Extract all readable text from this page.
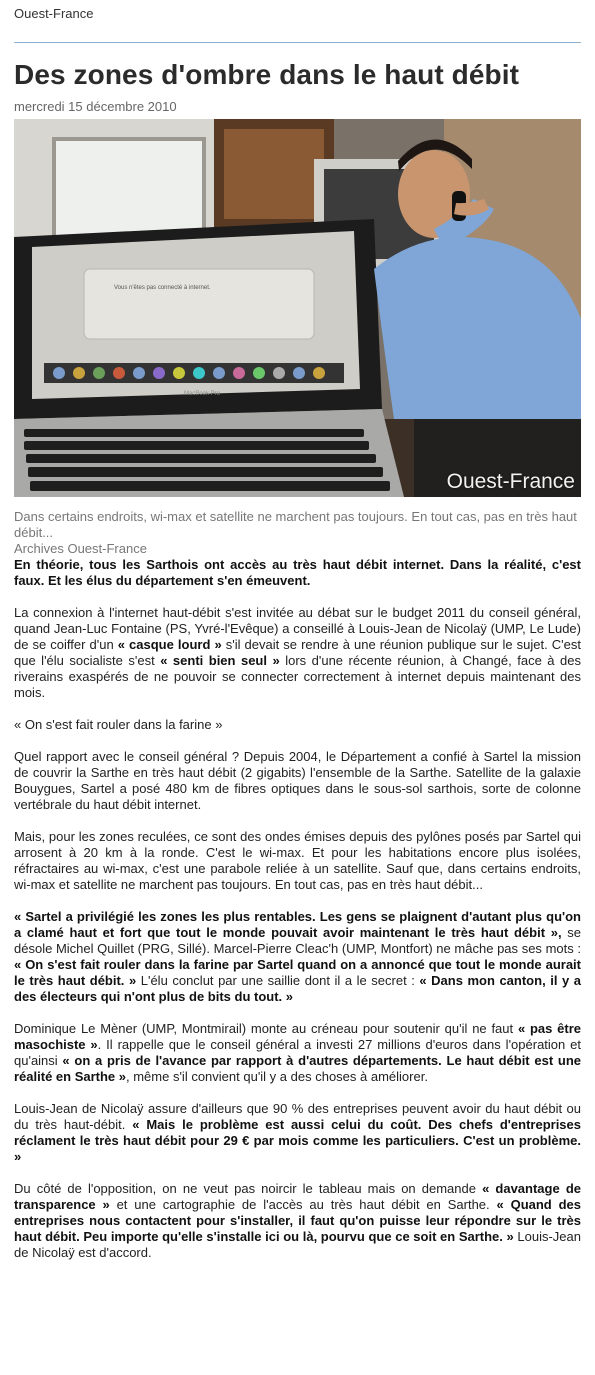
Ouest-France
Des zones d'ombre dans le haut débit
mercredi 15 décembre 2010
MacBook Pro
Vous n'êtes pas connecté à internet.
Ouest-France
Dans certains endroits, wi-max et satellite ne marchent pas toujours. En tout cas, pas en très haut débit...
Archives Ouest-France

En théorie, tous les Sarthois ont accès au très haut débit internet. Dans la réalité, c'est faux. Et les élus du département s'en émeuvent.

La connexion à l'internet haut-débit s'est invitée au débat sur le budget 2011 du conseil général, quand Jean-Luc Fontaine (PS, Yvré-l'Evêque) a conseillé à Louis-Jean de Nicolaÿ (UMP, Le Lude) de se coiffer d'un « casque lourd » s'il devait se rendre à une réunion publique sur le sujet. C'est que l'élu socialiste s'est « senti bien seul » lors d'une récente réunion, à Changé, face à des riverains exaspérés de ne pouvoir se connecter correctement à internet depuis maintenant des mois.

« On s'est fait rouler dans la farine »

Quel rapport avec le conseil général ? Depuis 2004, le Département a confié à Sartel la mission de couvrir la Sarthe en très haut débit (2 gigabits) l'ensemble de la Sarthe. Satellite de la galaxie Bouygues, Sartel a posé 480 km de fibres optiques dans le sous-sol sarthois, sorte de colonne vertébrale du haut débit internet.

Mais, pour les zones reculées, ce sont des ondes émises depuis des pylônes posés par Sartel qui arrosent à 20 km à la ronde. C'est le wi-max. Et pour les habitations encore plus isolées, réfractaires au wi-max, c'est une parabole reliée à un satellite. Sauf que, dans certains endroits, wi-max et satellite ne marchent pas toujours. En tout cas, pas en très haut débit...

« Sartel a privilégié les zones les plus rentables. Les gens se plaignent d'autant plus qu'on a clamé haut et fort que tout le monde pouvait avoir maintenant le très haut débit », se désole Michel Quillet (PRG, Sillé). Marcel-Pierre Cleac'h (UMP, Montfort) ne mâche pas ses mots : « On s'est fait rouler dans la farine par Sartel quand on a annoncé que tout le monde aurait le très haut débit. » L'élu conclut par une saillie dont il a le secret : « Dans mon canton, il y a des électeurs qui n'ont plus de bits du tout. »

Dominique Le Mèner (UMP, Montmirail) monte au créneau pour soutenir qu'il ne faut « pas être masochiste ». Il rappelle que le conseil général a investi 27 millions d'euros dans l'opération et qu'ainsi « on a pris de l'avance par rapport à d'autres départements. Le haut débit est une réalité en Sarthe », même s'il convient qu'il y a des choses à améliorer.

Louis-Jean de Nicolaÿ assure d'ailleurs que 90 % des entreprises peuvent avoir du haut débit ou du très haut-débit. « Mais le problème est aussi celui du coût. Des chefs d'entreprises réclament le très haut débit pour 29 € par mois comme les particuliers. C'est un problème. »

Du côté de l'opposition, on ne veut pas noircir le tableau mais on demande « davantage de transparence » et une cartographie de l'accès au très haut débit en Sarthe. « Quand des entreprises nous contactent pour s'installer, il faut qu'on puisse leur répondre sur le très haut débit. Peu importe qu'elle s'installe ici ou là, pourvu que ce soit en Sarthe. » Louis-Jean de Nicolaÿ est d'accord.
